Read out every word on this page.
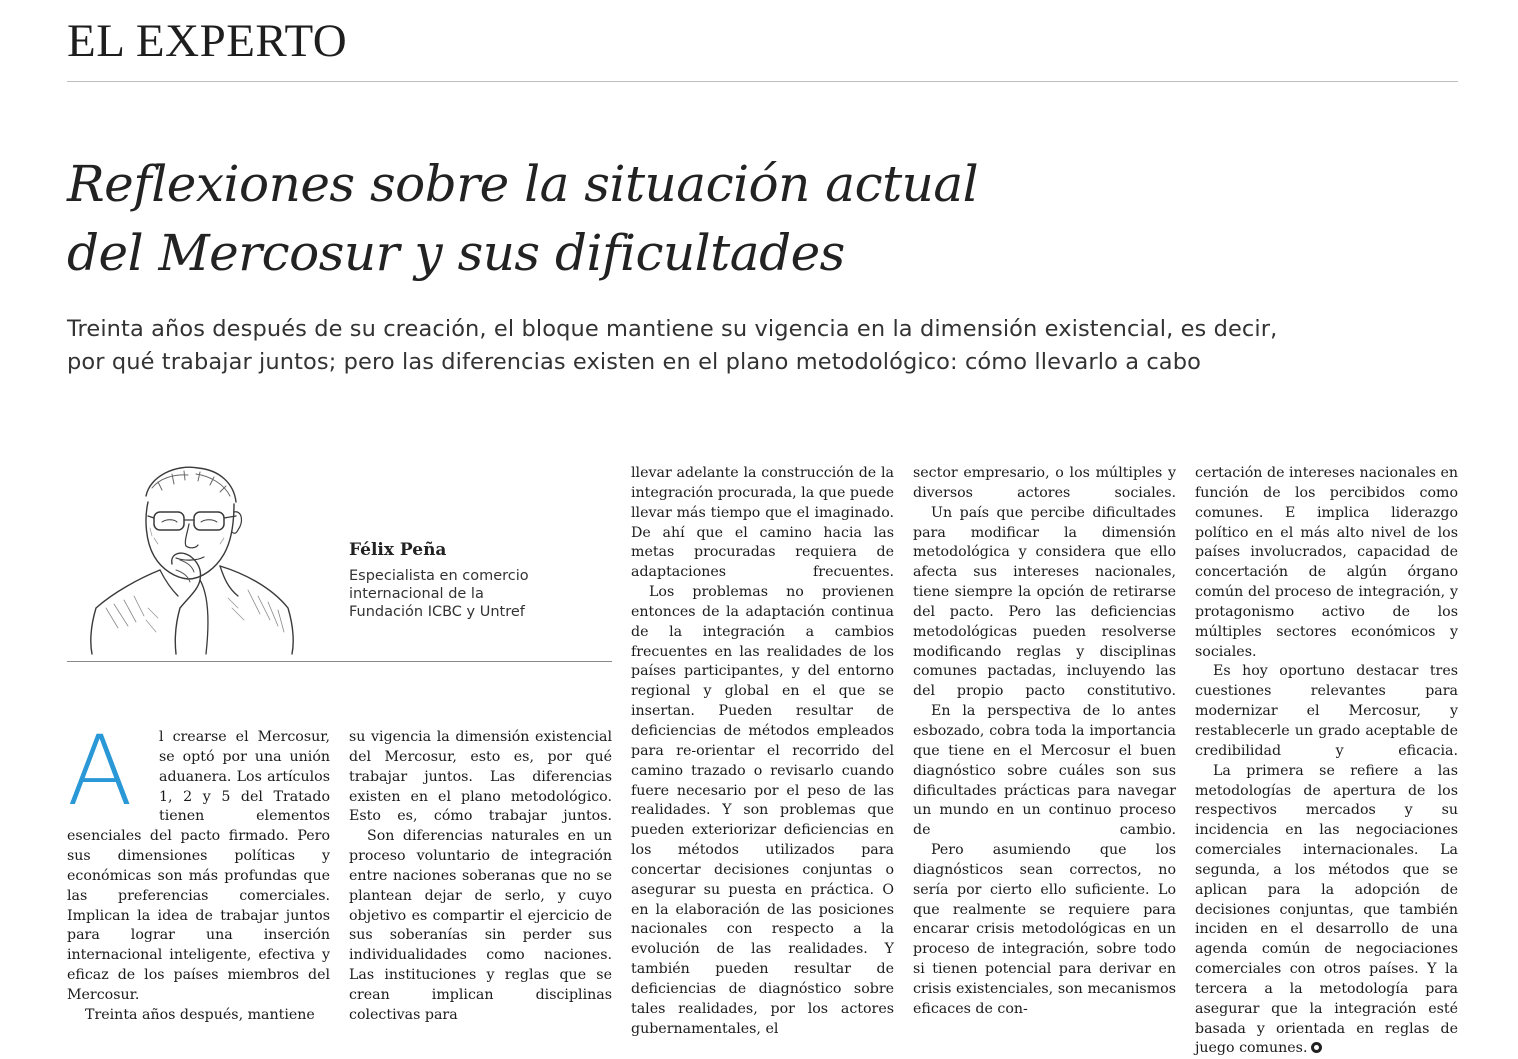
EL EXPERTO
Reflexiones sobre la situación actual
del Mercosur y sus dificultades
Treinta años después de su creación, el bloque mantiene su vigencia en la dimensión existencial, es decir,
por qué trabajar juntos; pero las diferencias existen en el plano metodológico: cómo llevarlo a cabo
Félix Peña
Especialista en comercio
internacional de la
Fundación ICBC y Untref
A	l crearse el Mercosur, se optó por una unión aduanera. Los artículos 1, 2 y 5 del Tratado tienen elementos esenciales del pacto firmado. Pero sus dimensiones políticas y económicas son más profundas que las preferencias comerciales. Implican la idea de trabajar juntos para lograr una inserción internacional inteligente, efectiva y eficaz de los países miembros del Mercosur.

Treinta años después, mantiene

su vigencia la dimensión existencial del Mercosur, esto es, por qué trabajar juntos. Las diferencias existen en el plano metodológico. Esto es, cómo trabajar juntos.

Son diferencias naturales en un proceso voluntario de integración entre naciones soberanas que no se plantean dejar de serlo, y cuyo objetivo es compartir el ejercicio de sus soberanías sin perder sus individualidades como naciones. Las instituciones y reglas que se crean implican disciplinas colectivas para

llevar adelante la construcción de la integración procurada, la que puede llevar más tiempo que el imaginado. De ahí que el camino hacia las metas procuradas requiera de adaptaciones frecuentes.

Los problemas no provienen entonces de la adaptación continua de la integración a cambios frecuentes en las realidades de los países participantes, y del entorno regional y global en el que se insertan. Pueden resultar de deficiencias de métodos empleados para re-orientar el recorrido del camino trazado o revisarlo cuando fuere necesario por el peso de las realidades. Y son problemas que pueden exteriorizar deficiencias en los métodos utilizados para concertar decisiones conjuntas o asegurar su puesta en práctica. O en la elaboración de las posiciones nacionales con respecto a la evolución de las realidades. Y también pueden resultar de deficiencias de diagnóstico sobre tales realidades, por los actores gubernamentales, el

sector empresario, o los múltiples y diversos actores sociales.

Un país que percibe dificultades para modificar la dimensión metodológica y considera que ello afecta sus intereses nacionales, tiene siempre la opción de retirarse del pacto. Pero las deficiencias metodológicas pueden resolverse modificando reglas y disciplinas comunes pactadas, incluyendo las del propio pacto constitutivo.

En la perspectiva de lo antes esbozado, cobra toda la importancia que tiene en el Mercosur el buen diagnóstico sobre cuáles son sus dificultades prácticas para navegar un mundo en un continuo proceso de cambio.

Pero asumiendo que los diagnósticos sean correctos, no sería por cierto ello suficiente. Lo que realmente se requiere para encarar crisis metodológicas en un proceso de integración, sobre todo si tienen potencial para derivar en crisis existenciales, son mecanismos eficaces de con-

certación de intereses nacionales en función de los percibidos como comunes. E implica liderazgo político en el más alto nivel de los países involucrados, capacidad de concertación de algún órgano común del proceso de integración, y protagonismo activo de los múltiples sectores económicos y sociales.

Es hoy oportuno destacar tres cuestiones relevantes para modernizar el Mercosur, y restablecerle un grado aceptable de credibilidad y eficacia.

La primera se refiere a las metodologías de apertura de los respectivos mercados y su incidencia en las negociaciones comerciales internacionales. La segunda, a los métodos que se aplican para la adopción de decisiones conjuntas, que también inciden en el desarrollo de una agenda común de negociaciones comerciales con otros países. Y la tercera a la metodología para asegurar que la integración esté basada y orientada en reglas de juego comunes.
